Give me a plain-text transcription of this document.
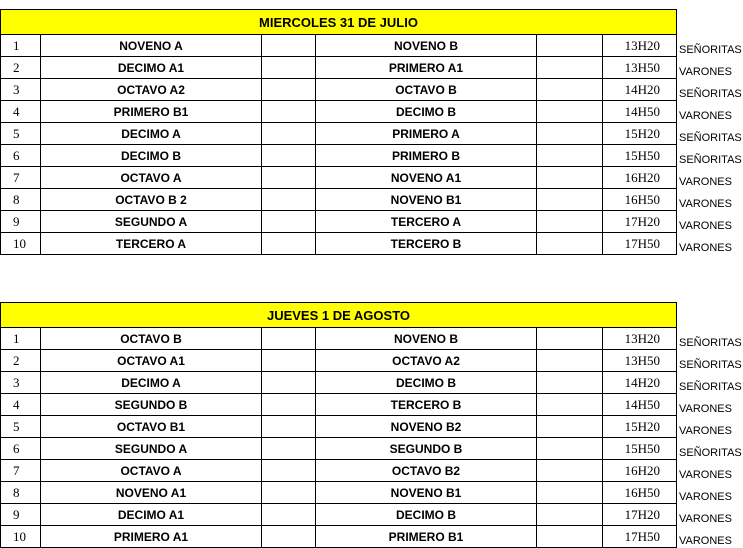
MIERCOLES 31 DE JULIO						
1	NOVENO A		NOVENO B		13H20	SEÑORITAS
2	DECIMO A1		PRIMERO A1		13H50	VARONES
3	OCTAVO A2		OCTAVO B		14H20	SEÑORITAS
4	PRIMERO B1		DECIMO B		14H50	VARONES
5	DECIMO A		PRIMERO A		15H20	SEÑORITAS
6	DECIMO B		PRIMERO B		15H50	SEÑORITAS
7	OCTAVO A		NOVENO A1		16H20	VARONES
8	OCTAVO B 2		NOVENO B1		16H50	VARONES
9	SEGUNDO A		TERCERO A		17H20	VARONES
10	TERCERO A		TERCERO B		17H50	VARONES
JUEVES 1 DE AGOSTO						
1	OCTAVO B		NOVENO B		13H20	SEÑORITAS
2	OCTAVO A1		OCTAVO A2		13H50	SEÑORITAS
3	DECIMO A		DECIMO B		14H20	SEÑORITAS
4	SEGUNDO B		TERCERO B		14H50	VARONES
5	OCTAVO B1		NOVENO B2		15H20	VARONES
6	SEGUNDO A		SEGUNDO B		15H50	SEÑORITAS
7	OCTAVO A		OCTAVO B2		16H20	VARONES
8	NOVENO A1		NOVENO B1		16H50	VARONES
9	DECIMO A1		DECIMO B		17H20	VARONES
10	PRIMERO A1		PRIMERO B1		17H50	VARONES
